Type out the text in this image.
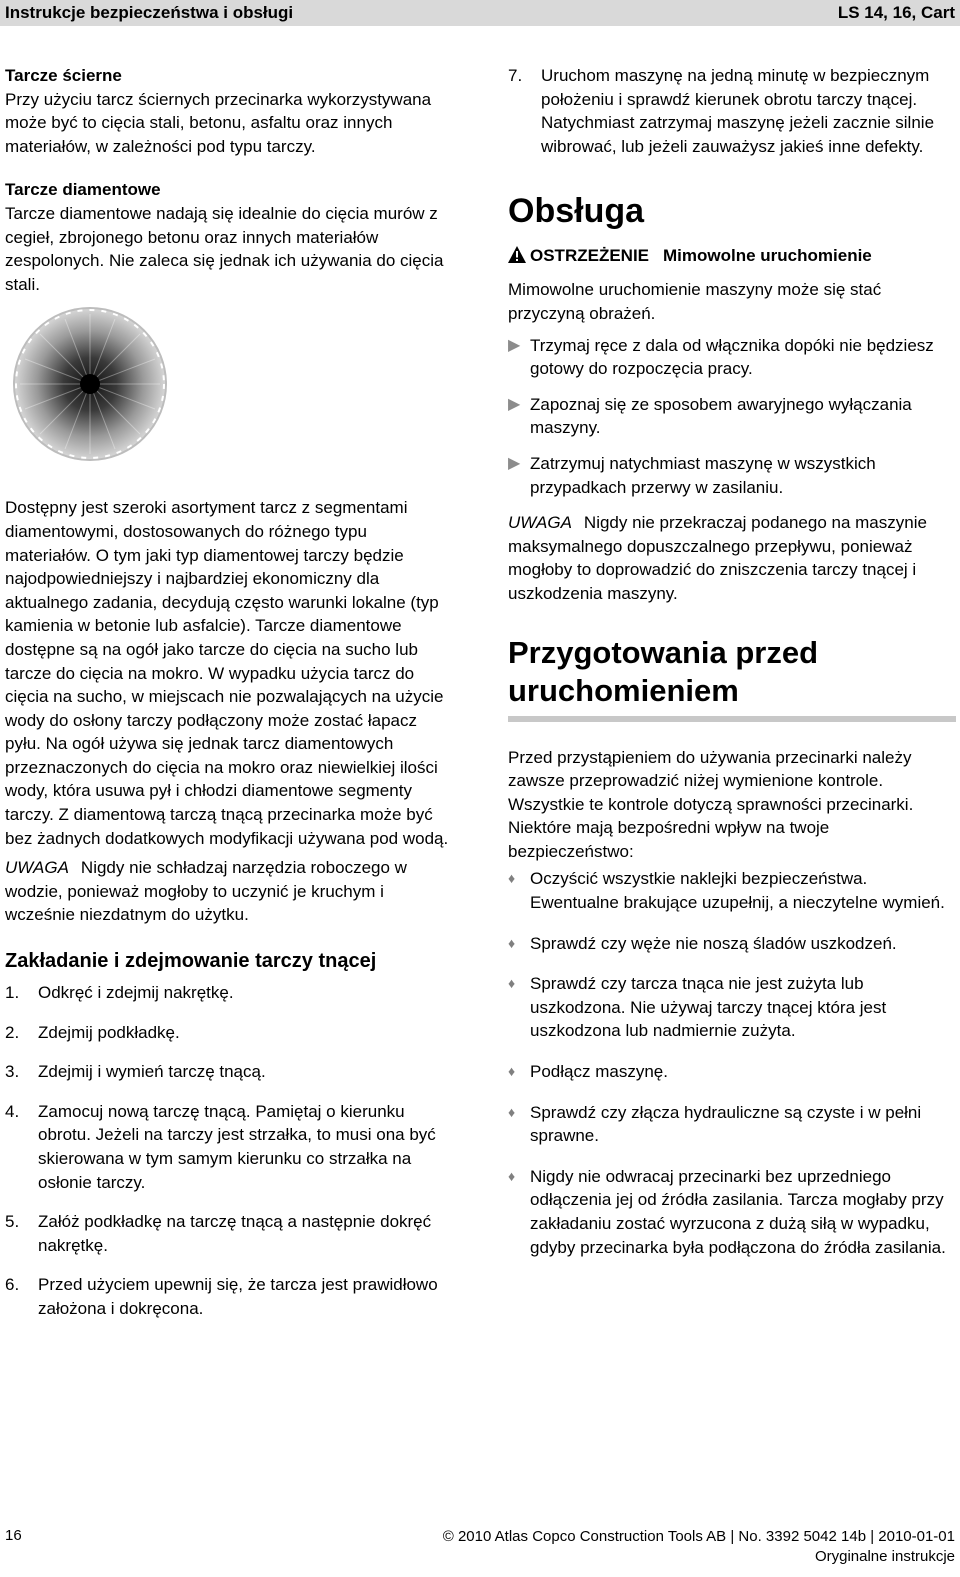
Instrukcje bezpieczeństwa i obsługi	LS 14, 16, Cart
Tarcze ścierne
Przy użyciu tarcz ściernych przecinarka wykorzystywana może być to cięcia stali, betonu, asfaltu oraz innych materiałów, w zależności pod typu tarczy.
Tarcze diamentowe
Tarcze diamentowe nadają się idealnie do cięcia murów z cegieł, zbrojonego betonu oraz innych materiałów zespolonych. Nie zaleca się jednak ich używania do cięcia stali.
Dostępny jest szeroki asortyment tarcz z segmentami diamentowymi, dostosowanych do różnego typu materiałów. O tym jaki typ diamentowej tarczy będzie najodpowiedniejszy i najbardziej ekonomiczny dla aktualnego zadania, decydują często warunki lokalne (typ kamienia w betonie lub asfalcie). Tarcze diamentowe dostępne są na ogół jako tarcze do cięcia na sucho lub tarcze do cięcia na mokro. W wypadku użycia tarcz do cięcia na sucho, w miejscach nie pozwalających na użycie wody do osłony tarczy podłączony może zostać łapacz pyłu. Na ogół używa się jednak tarcz diamentowych przeznaczonych do cięcia na mokro oraz niewielkiej ilości wody, która usuwa pył i chłodzi diamentowe segmenty tarczy. Z diamentową tarczą tnącą przecinarka może być bez żadnych dodatkowych modyfikacji używana pod wodą.
UWAGA Nigdy nie schładzaj narzędzia roboczego w wodzie, ponieważ mogłoby to uczynić je kruchym i wcześnie niezdatnym do użytku.
Zakładanie i zdejmowanie tarczy tnącej
1. Odkręć i zdejmij nakrętkę.
2. Zdejmij podkładkę.
3. Zdejmij i wymień tarczę tnącą.
4. Zamocuj nową tarczę tnącą. Pamiętaj o kierunku obrotu. Jeżeli na tarczy jest strzałka, to musi ona być skierowana w tym samym kierunku co strzałka na osłonie tarczy.
5. Załóż podkładkę na tarczę tnącą a następnie dokręć nakrętkę.
6. Przed użyciem upewnij się, że tarcza jest prawidłowo założona i dokręcona.
7. Uruchom maszynę na jedną minutę w bezpiecznym położeniu i sprawdź kierunek obrotu tarczy tnącej. Natychmiast zatrzymaj maszynę jeżeli zacznie silnie wibrować, lub jeżeli zauważysz jakieś inne defekty.
Obsługa
OSTRZEŻENIE Mimowolne uruchomienie
Mimowolne uruchomienie maszyny może się stać przyczyną obrażeń.
▶ Trzymaj ręce z dala od włącznika dopóki nie będziesz gotowy do rozpoczęcia pracy.
▶ Zapoznaj się ze sposobem awaryjnego wyłączania maszyny.
▶ Zatrzymuj natychmiast maszynę w wszystkich przypadkach przerwy w zasilaniu.
UWAGA Nigdy nie przekraczaj podanego na maszynie maksymalnego dopuszczalnego przepływu, ponieważ mogłoby to doprowadzić do zniszczenia tarczy tnącej i uszkodzenia maszyny.
Przygotowania przed
uruchomieniem
Przed przystąpieniem do używania przecinarki należy zawsze przeprowadzić niżej wymienione kontrole. Wszystkie te kontrole dotyczą sprawności przecinarki. Niektóre mają bezpośredni wpływ na twoje bezpieczeństwo:
♦ Oczyścić wszystkie naklejki bezpieczeństwa. Ewentualne brakujące uzupełnij, a nieczytelne wymień.
♦ Sprawdź czy węże nie noszą śladów uszkodzeń.
♦ Sprawdź czy tarcza tnąca nie jest zużyta lub uszkodzona. Nie używaj tarczy tnącej która jest uszkodzona lub nadmiernie zużyta.
♦ Podłącz maszynę.
♦ Sprawdź czy złącza hydrauliczne są czyste i w pełni sprawne.
♦ Nigdy nie odwracaj przecinarki bez uprzedniego odłączenia jej od źródła zasilania. Tarcza mogłaby przy zakładaniu zostać wyrzucona z dużą siłą w wypadku, gdyby przecinarka była podłączona do źródła zasilania.
16	© 2010 Atlas Copco Construction Tools AB | No. 3392 5042 14b | 2010-01-01
Oryginalne instrukcje
